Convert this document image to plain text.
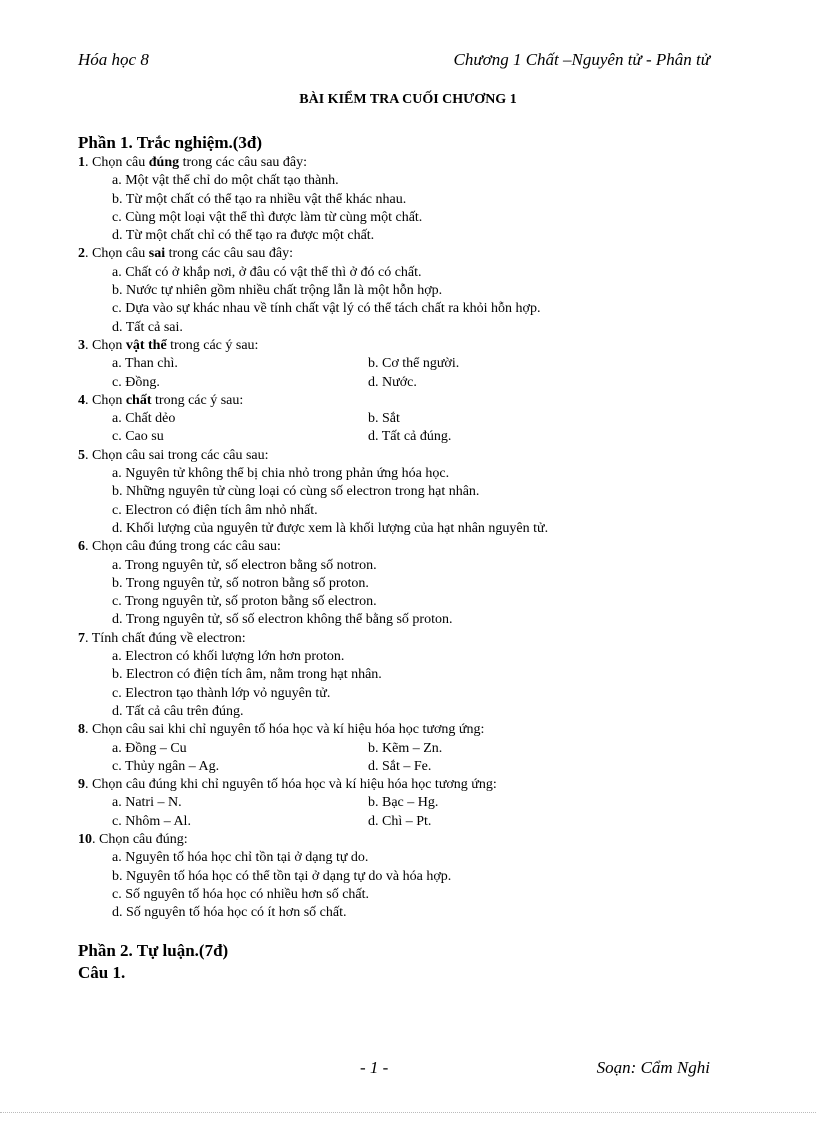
Hóa học 8	Chương 1 Chất –Nguyên tử - Phân tử
BÀI KIỂM TRA CUỐI CHƯƠNG 1

Phần 1. Trắc nghiệm.(3đ)

1. Chọn câu đúng trong các câu sau đây:

a. Một vật thể chỉ do một chất tạo thành.

b. Từ một chất có thể tạo ra nhiều vật thể khác nhau.

c. Cùng một loại vật thể thì được làm từ cùng một chất.

d. Từ một chất chỉ có thể tạo ra được một chất.

2. Chọn câu sai trong các câu sau đây:

a. Chất có ở khắp nơi, ở đâu có vật thể thì ở đó có chất.

b. Nước tự nhiên gồm nhiều chất trộng lẫn là một hỗn hợp.

c. Dựa vào sự khác nhau về tính chất vật lý có thể tách chất ra khỏi hỗn hợp.

d. Tất cả sai.

3. Chọn vật thể trong các ý sau:

a. Than chì.	b. Cơ thể người.
c. Đồng.	d. Nước.

4. Chọn chất trong các ý sau:

a. Chất dẻo	b. Sắt
c. Cao su	d. Tất cả đúng.

5. Chọn câu sai trong các câu sau:

a. Nguyên tử không thể bị chia nhỏ trong phản ứng hóa học.

b. Những nguyên tử cùng loại có cùng số electron trong hạt nhân.

c. Electron có điện tích âm nhỏ nhất.

d. Khối lượng của nguyên tử được xem là khối lượng của hạt nhân nguyên tử.

6. Chọn câu đúng trong các câu sau:

a. Trong nguyên tử, số electron bằng số notron.

b. Trong nguyên tử, số notron bằng số proton.

c. Trong nguyên tử, số proton bằng số electron.

d. Trong nguyên tử, số số electron không thể bằng số proton.

7. Tính chất đúng về electron:

a. Electron có khối lượng lớn hơn proton.

b. Electron có điện tích âm, nằm trong hạt nhân.

c. Electron tạo thành lớp vỏ nguyên tử.

d. Tất cả câu trên đúng.

8. Chọn câu sai khi chỉ nguyên tố hóa học và kí hiệu hóa học tương ứng:

a. Đồng – Cu	b. Kẽm – Zn.
c. Thủy ngân – Ag.	d. Sắt – Fe.

9. Chọn câu đúng khi chỉ nguyên tố hóa học và kí hiệu hóa học tương ứng:

a. Natri – N.	b. Bạc – Hg.
c. Nhôm – Al.	d. Chì – Pt.

10. Chọn câu đúng:

a. Nguyên tố hóa học chỉ tồn tại ở dạng tự do.

b. Nguyên tố hóa học có thể tồn tại ở dạng tự do và hóa hợp.

c. Số nguyên tố hóa học có nhiều hơn số chất.

d. Số nguyên tố hóa học có ít hơn số chất.

Phần 2. Tự luận.(7đ)

Câu 1.

- 1 -	Soạn: Cẩm Nghi
